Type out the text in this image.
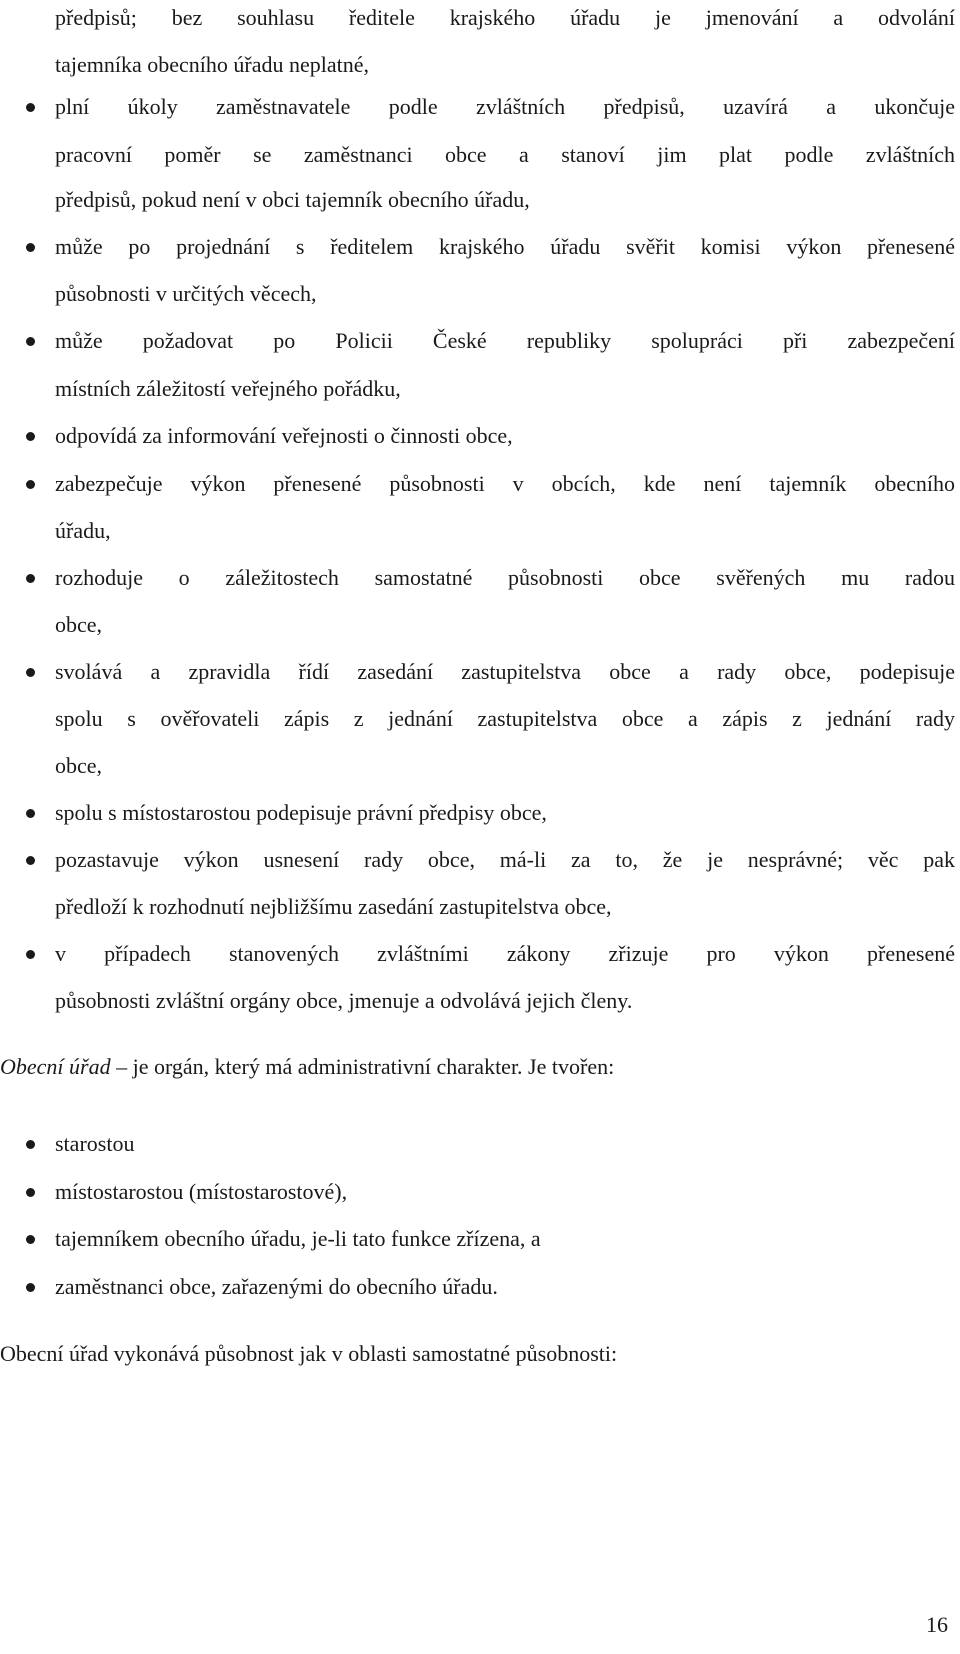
předpisů; bez souhlasu ředitele krajského úřadu je jmenování a odvolání
tajemníka obecního úřadu neplatné,
plní úkoly zaměstnavatele podle zvláštních předpisů, uzavírá a ukončuje
pracovní poměr se zaměstnanci obce a stanoví jim plat podle zvláštních
předpisů, pokud není v obci tajemník obecního úřadu,
může po projednání s ředitelem krajského úřadu svěřit komisi výkon přenesené
působnosti v určitých věcech,
může požadovat po Policii České republiky spolupráci při zabezpečení
místních záležitostí veřejného pořádku,
odpovídá za informování veřejnosti o činnosti obce,
zabezpečuje výkon přenesené působnosti v obcích, kde není tajemník obecního
úřadu,
rozhoduje o záležitostech samostatné působnosti obce svěřených mu radou
obce,
svolává a zpravidla řídí zasedání zastupitelstva obce a rady obce, podepisuje
spolu s ověřovateli zápis z jednání zastupitelstva obce a zápis z jednání rady
obce,
spolu s místostarostou podepisuje právní předpisy obce,
pozastavuje výkon usnesení rady obce, má-li za to, že je nesprávné; věc pak
předloží k rozhodnutí nejbližšímu zasedání zastupitelstva obce,
v případech stanovených zvláštními zákony zřizuje pro výkon přenesené
působnosti zvláštní orgány obce, jmenuje a odvolává jejich členy.
Obecní úřad – je orgán, který má administrativní charakter. Je tvořen:
starostou
místostarostou (místostarostové),
tajemníkem obecního úřadu, je-li tato funkce zřízena, a
zaměstnanci obce, zařazenými do obecního úřadu.
Obecní úřad vykonává působnost jak v oblasti samostatné působnosti:
16
